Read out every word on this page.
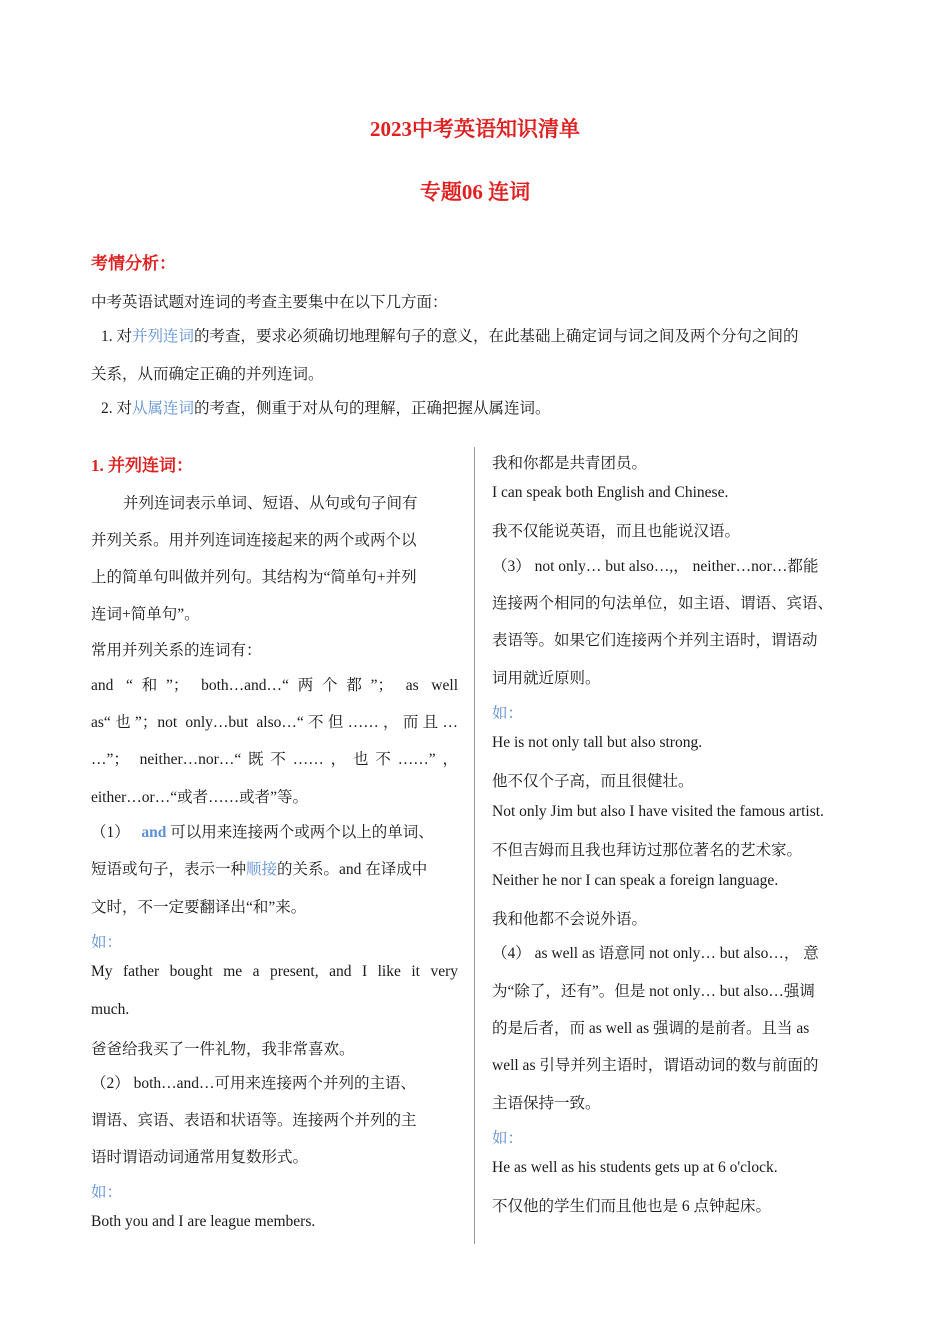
2023中考英语知识清单
专题06 连词
考情分析：
中考英语试题对连词的考查主要集中在以下几方面：
1. 对并列连词的考查，要求必须确切地理解句子的意义，在此基础上确定词与词之间及两个分句之间的
关系，从而确定正确的并列连词。
2. 对从属连词的考查，侧重于对从句的理解，正确把握从属连词。
1. 并列连词：
并列连词表示单词、短语、从句或句子间有
并列关系。用并列连词连接起来的两个或两个以
上的简单句叫做并列句。其结构为“简单句+并列
连词+简单句”。
常用并列关系的连词有：
and “和”； both…and…“两个都”； as well
as“也”；not only…but also…“不但……，而且…
…”； neither…nor…“既不……，也不……”，
either…or…“或者……或者”等。
（1） and 可以用来连接两个或两个以上的单词、
短语或句子，表示一种顺接的关系。and 在译成中
文时，不一定要翻译出“和”来。
如：
My father bought me a present, and I like it very
much.
爸爸给我买了一件礼物，我非常喜欢。
（2） both…and…可用来连接两个并列的主语、
谓语、宾语、表语和状语等。连接两个并列的主
语时谓语动词通常用复数形式。
如：
Both you and I are league members.
我和你都是共青团员。
I can speak both English and Chinese.
我不仅能说英语，而且也能说汉语。
（3） not only… but also…,， neither…nor…都能
连接两个相同的句法单位，如主语、谓语、宾语、
表语等。如果它们连接两个并列主语时，谓语动
词用就近原则。
如：
He is not only tall but also strong.
他不仅个子高，而且很健壮。
Not only Jim but also I have visited the famous artist.
不但吉姆而且我也拜访过那位著名的艺术家。
Neither he nor I can speak a foreign language.
我和他都不会说外语。
（4） as well as 语意同 not only… but also…， 意
为“除了，还有”。但是 not only… but also…强调
的是后者，而 as well as 强调的是前者。且当 as
well as 引导并列主语时，谓语动词的数与前面的
主语保持一致。
如：
He as well as his students gets up at 6 o'clock.
不仅他的学生们而且他也是 6 点钟起床。
